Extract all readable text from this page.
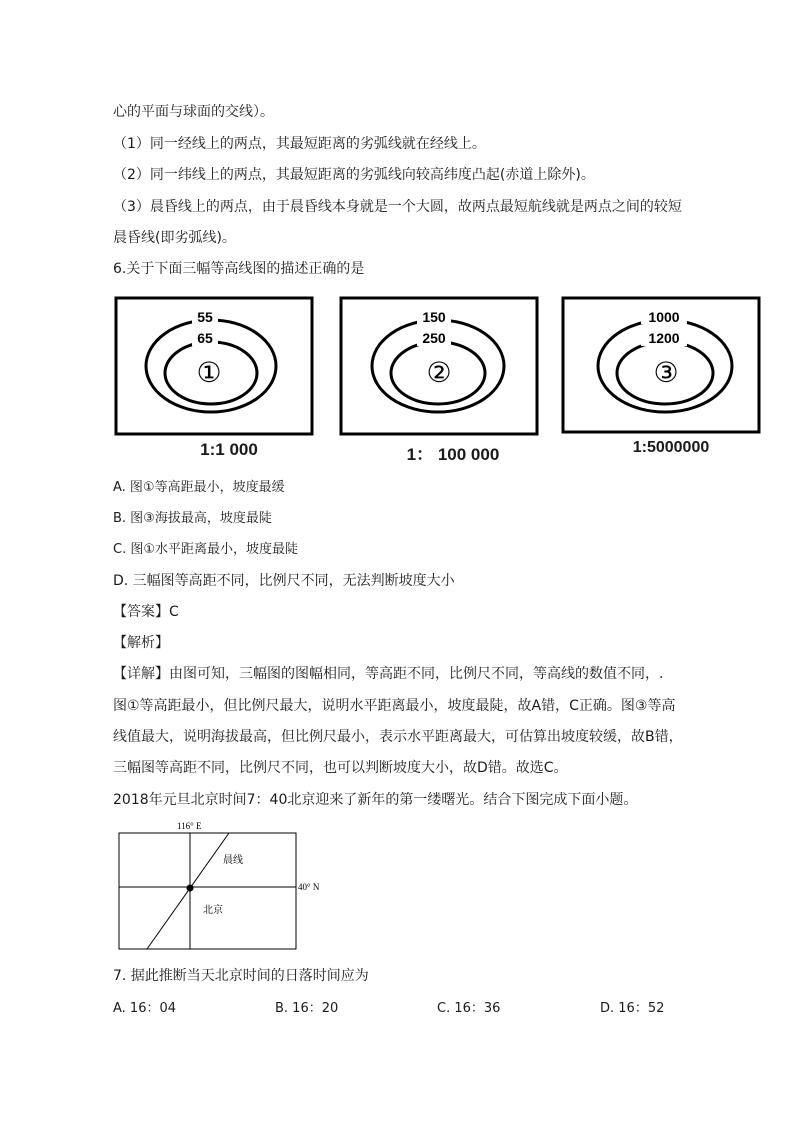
心的平面与球面的交线）。
（1）同一经线上的两点，其最短距离的劣弧线就在经线上。
（2）同一纬线上的两点，其最短距离的劣弧线向较高纬度凸起(赤道上除外)。
（3）晨昏线上的两点，由于晨昏线本身就是一个大圆，故两点最短航线就是两点之间的较短
晨昏线(即劣弧线)。
6.关于下面三幅等高线图的描述正确的是
55
65
①
1:1 000
150
250
②
1： 100 000
1000
1200
③
1:5000000
A. 图①等高距最小，坡度最缓
B. 图③海拔最高，坡度最陡
C. 图①水平距离最小，坡度最陡
D. 三幅图等高距不同，比例尺不同，无法判断坡度大小
【答案】C
【解析】
【详解】由图可知，三幅图的图幅相同，等高距不同，比例尺不同，等高线的数值不同，.
图①等高距最小，但比例尺最大，说明水平距离最小，坡度最陡，故A错，C正确。图③等高
线值最大，说明海拔最高，但比例尺最小，表示水平距离最大，可估算出坡度较缓，故B错，
三幅图等高距不同，比例尺不同，也可以判断坡度大小，故D错。故选C。
2018年元旦北京时间7：40北京迎来了新年的第一缕曙光。结合下图完成下面小题。
116° E
40° N
晨线
北京
7. 据此推断当天北京时间的日落时间应为
A. 16：04	B. 16：20	C. 16：36	D. 16：52
